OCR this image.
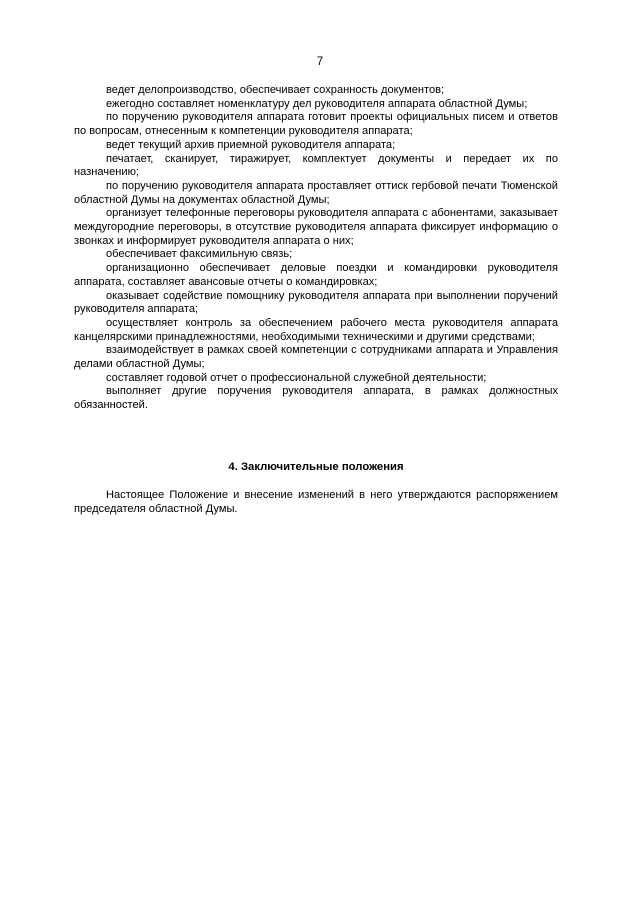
7

ведет делопроизводство, обеспечивает сохранность документов;

ежегодно составляет номенклатуру дел руководителя аппарата областной Думы;

по поручению руководителя аппарата готовит проекты официальных писем и ответов по вопросам, отнесенным к компетенции руководителя аппарата;

ведет текущий архив приемной руководителя аппарата;

печатает, сканирует, тиражирует, комплектует документы и передает их по назначению;

по поручению руководителя аппарата проставляет оттиск гербовой печати Тюменской областной Думы на документах областной Думы;

организует телефонные переговоры руководителя аппарата с абонентами, заказывает междугородние переговоры, в отсутствие руководителя аппарата фиксирует информацию о звонках и информирует руководителя аппарата о них;

обеспечивает факсимильную связь;

организационно обеспечивает деловые поездки и командировки руководителя аппарата, составляет авансовые отчеты о командировках;

оказывает содействие помощнику руководителя аппарата при выполнении поручений руководителя аппарата;

осуществляет контроль за обеспечением рабочего места руководителя аппарата канцелярскими принадлежностями, необходимыми техническими и другими средствами;

взаимодействует в рамках своей компетенции с сотрудниками аппарата и Управления делами областной Думы;

составляет годовой отчет о профессиональной служебной деятельности;

выполняет другие поручения руководителя аппарата, в рамках должностных обязанностей.

4. Заключительные положения

Настоящее Положение и внесение изменений в него утверждаются распоряжением председателя областной Думы.
